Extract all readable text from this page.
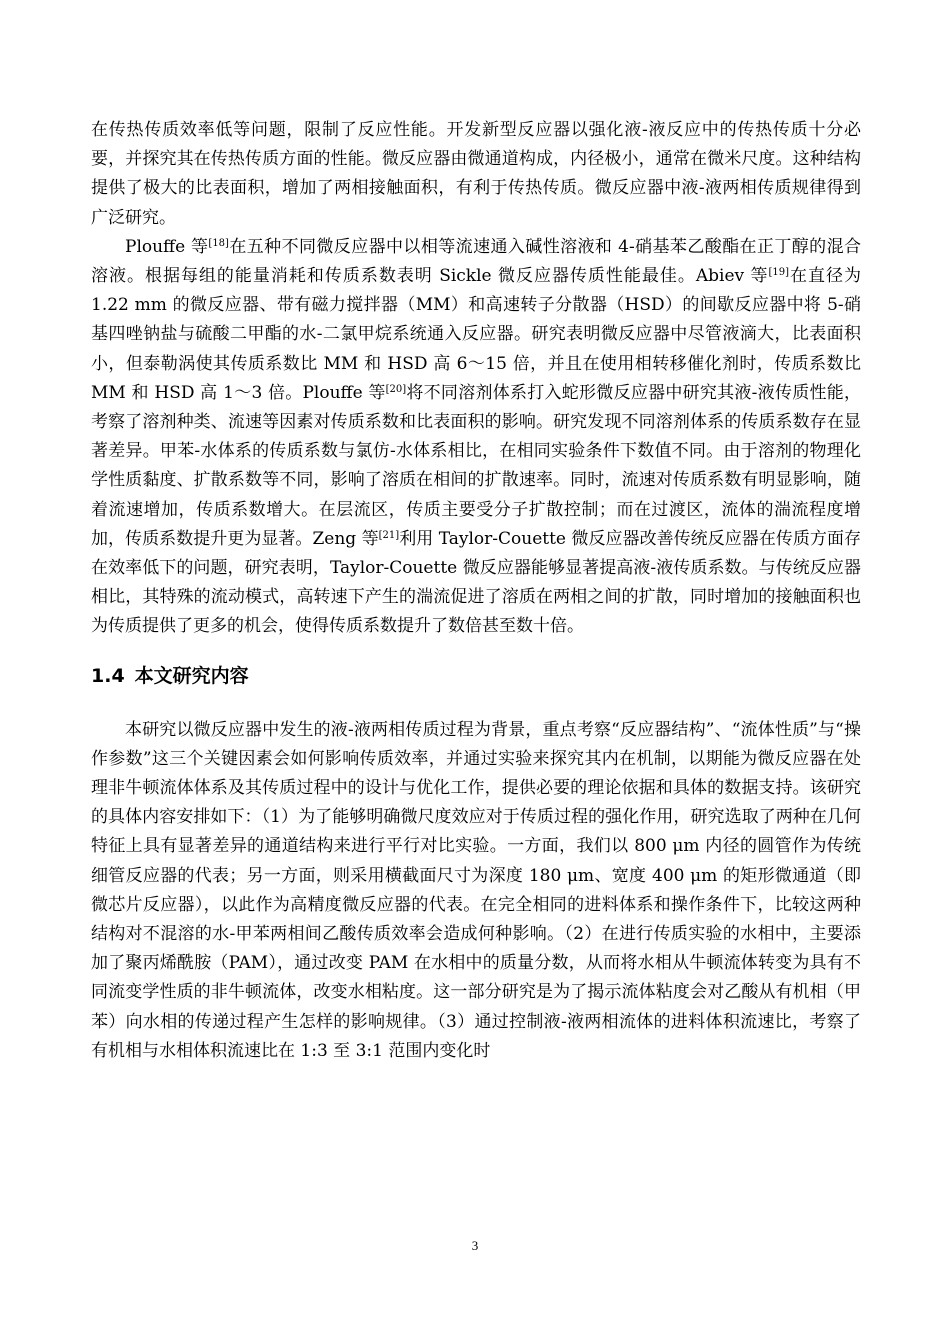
在传热传质效率低等问题，限制了反应性能。开发新型反应器以强化液-液反应中的传热传质十分必要，并探究其在传热传质方面的性能。微反应器由微通道构成，内径极小，通常在微米尺度。这种结构提供了极大的比表面积，增加了两相接触面积，有利于传热传质。微反应器中液-液两相传质规律得到广泛研究。

Plouffe 等[18]在五种不同微反应器中以相等流速通入碱性溶液和 4-硝基苯乙酸酯在正丁醇的混合溶液。根据每组的能量消耗和传质系数表明 Sickle 微反应器传质性能最佳。Abiev 等[19]在直径为 1.22 mm 的微反应器、带有磁力搅拌器（MM）和高速转子分散器（HSD）的间歇反应器中将 5-硝基四唑钠盐与硫酸二甲酯的水-二氯甲烷系统通入反应器。研究表明微反应器中尽管液滴大，比表面积小，但泰勒涡使其传质系数比 MM 和 HSD 高 6～15 倍，并且在使用相转移催化剂时，传质系数比 MM 和 HSD 高 1～3 倍。Plouffe 等[20]将不同溶剂体系打入蛇形微反应器中研究其液-液传质性能，考察了溶剂种类、流速等因素对传质系数和比表面积的影响。研究发现不同溶剂体系的传质系数存在显著差异。甲苯-水体系的传质系数与氯仿-水体系相比，在相同实验条件下数值不同。由于溶剂的物理化学性质黏度、扩散系数等不同，影响了溶质在相间的扩散速率。同时，流速对传质系数有明显影响，随着流速增加，传质系数增大。在层流区，传质主要受分子扩散控制；而在过渡区，流体的湍流程度增加，传质系数提升更为显著。Zeng 等[21]利用 Taylor-Couette 微反应器改善传统反应器在传质方面存在效率低下的问题，研究表明，Taylor-Couette 微反应器能够显著提高液-液传质系数。与传统反应器相比，其特殊的流动模式，高转速下产生的湍流促进了溶质在两相之间的扩散，同时增加的接触面积也为传质提供了更多的机会，使得传质系数提升了数倍甚至数十倍。

1.4 本文研究内容

本研究以微反应器中发生的液-液两相传质过程为背景，重点考察“反应器结构”、“流体性质”与“操作参数”这三个关键因素会如何影响传质效率，并通过实验来探究其内在机制，以期能为微反应器在处理非牛顿流体体系及其传质过程中的设计与优化工作，提供必要的理论依据和具体的数据支持。该研究的具体内容安排如下：（1）为了能够明确微尺度效应对于传质过程的强化作用，研究选取了两种在几何特征上具有显著差异的通道结构来进行平行对比实验。一方面，我们以 800 μm 内径的圆管作为传统细管反应器的代表；另一方面，则采用横截面尺寸为深度 180 μm、宽度 400 μm 的矩形微通道（即微芯片反应器），以此作为高精度微反应器的代表。在完全相同的进料体系和操作条件下，比较这两种结构对不混溶的水-甲苯两相间乙酸传质效率会造成何种影响。（2）在进行传质实验的水相中，主要添加了聚丙烯酰胺（PAM），通过改变 PAM 在水相中的质量分数，从而将水相从牛顿流体转变为具有不同流变学性质的非牛顿流体，改变水相粘度。这一部分研究是为了揭示流体粘度会对乙酸从有机相（甲苯）向水相的传递过程产生怎样的影响规律。（3）通过控制液-液两相流体的进料体积流速比，考察了有机相与水相体积流速比在 1:3 至 3:1 范围内变化时

3
